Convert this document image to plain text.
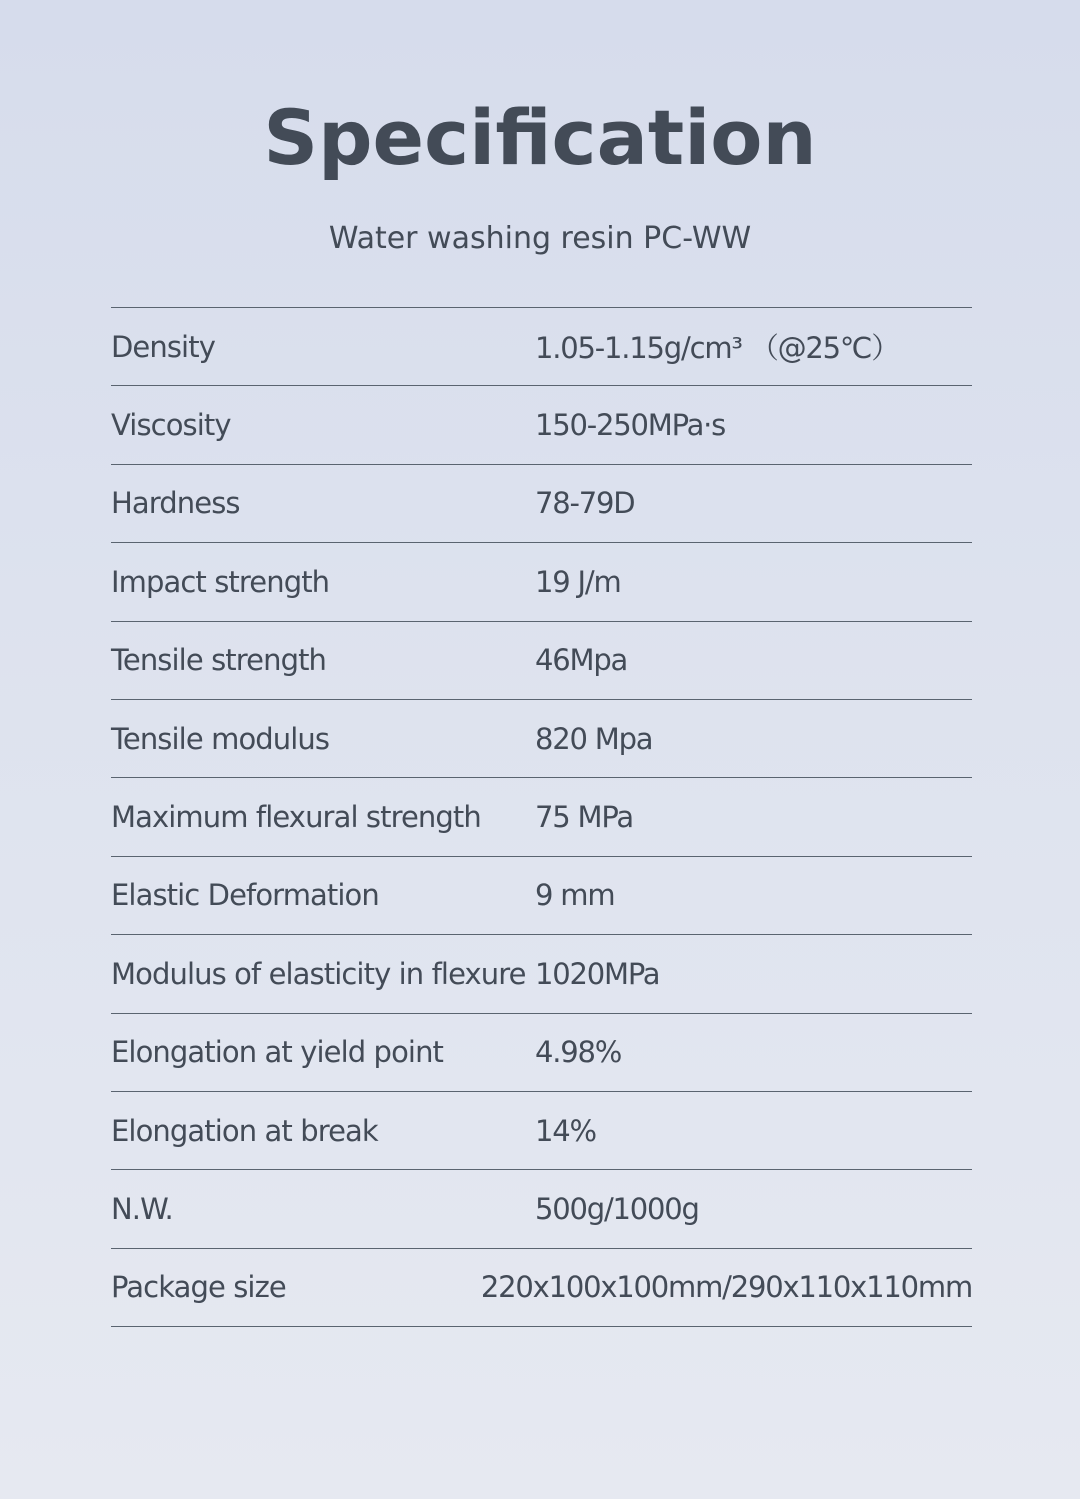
Specification
Water washing resin PC-WW
Density	1.05-1.15g/cm³ （@25℃）
Viscosity	150-250MPa·s
Hardness	78-79D
Impact strength	19 J/m
Tensile strength	46Mpa
Tensile modulus	820 Mpa
Maximum flexural strength	75 MPa
Elastic Deformation	9 mm
Modulus of elasticity in flexure 1020MPa
Elongation at yield point	4.98%
Elongation at break	14%
N.W.	500g/1000g
Package size	220x100x100mm/290x110x110mm
